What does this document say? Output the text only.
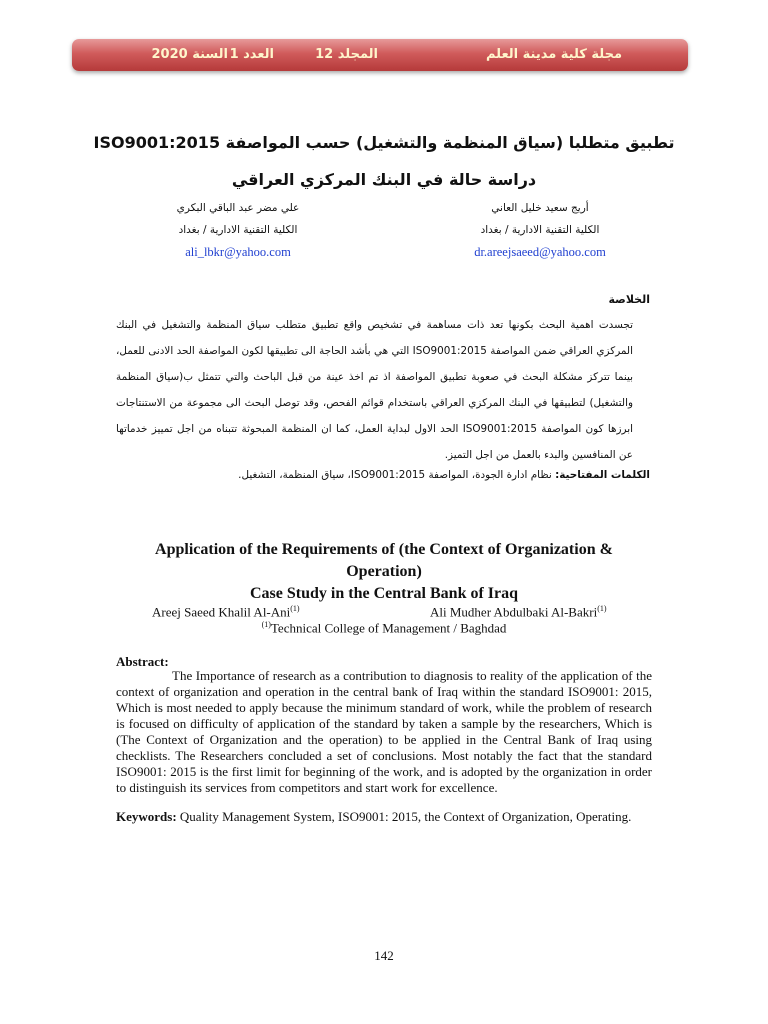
مجلة كلية مدينة العلم
المجلد 12
العدد 1
السنة 2020
تطبيق متطلبا (سياق المنظمة والتشغيل) حسب المواصفة ISO9001:2015
دراسة حالة في البنك المركزي العراقي
أريج سعيد خليل العاني
الكلية التقنية الادارية / بغداد
dr.areejsaeed@yahoo.com
علي مضر عبد الباقي البكري
الكلية التقنية الادارية / بغداد
ali_lbkr@yahoo.com
الخلاصة
تجسدت اهمية البحث بكونها تعد ذات مساهمة في تشخيص واقع تطبيق متطلب سياق المنظمة والتشغيل في البنك المركزي العراقي ضمن المواصفة ISO9001:2015 التي هي بأشد الحاجة الى تطبيقها لكون المواصفة الحد الادنى للعمل، بينما تتركز مشكلة البحث في صعوبة تطبيق المواصفة اذ تم اخذ عينة من قبل الباحث والتي تتمثل ب(سياق المنظمة والتشغيل) لتطبيقها في البنك المركزي العراقي باستخدام قوائم الفحص، وقد توصل البحث الى مجموعة من الاستنتاجات ابرزها كون المواصفة ISO9001:2015 الحد الاول لبداية العمل، كما ان المنظمة المبحوثة تتبناه من اجل تمييز خدماتها عن المنافسين والبدء بالعمل من اجل التميز.
الكلمات المفتاحية: نظام ادارة الجودة، المواصفة ISO9001:2015، سياق المنظمة، التشغيل.
Application of the Requirements of (the Context of Organization &
Operation)
Case Study in the Central Bank of Iraq
Areej Saeed Khalil Al-Ani$^{(1)}$	Ali Mudher Abdulbaki Al-Bakri$^{(1)}$
$^{(1)}$Technical College of Management / Baghdad
Abstract:

The Importance of research as a contribution to diagnosis to reality of the application of the context of organization and operation in the central bank of Iraq within the standard ISO9001: 2015, Which is most needed to apply because the minimum standard of work, while the problem of research is focused on difficulty of application of the standard by taken a sample by the researchers, Which is (The Context of Organization and the operation) to be applied in the Central Bank of Iraq using checklists. The Researchers concluded a set of conclusions. Most notably the fact that the standard ISO9001: 2015 is the first limit for beginning of the work, and is adopted by the organization in order to distinguish its services from competitors and start work for excellence.

Keywords: Quality Management System, ISO9001: 2015, the Context of Organization, Operating.

142
